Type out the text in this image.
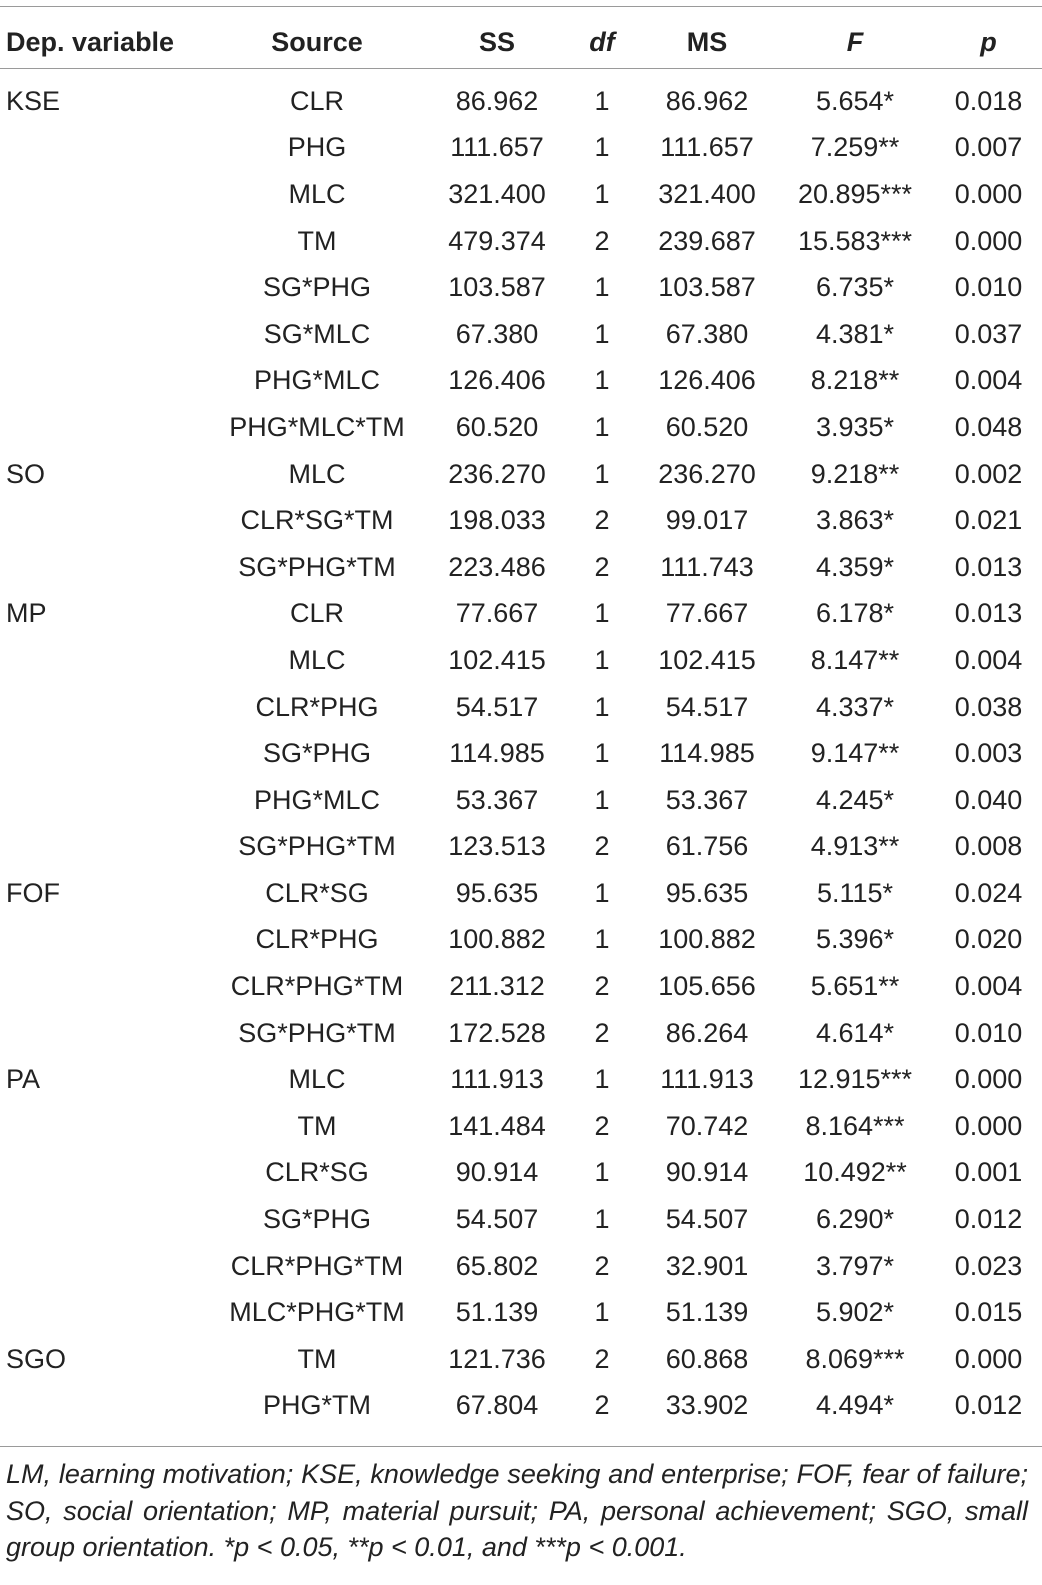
Dep. variable	Source	SS	df	MS	F	p
KSE	CLR	86.962	1	86.962	5.654*	0.018
	PHG	111.657	1	111.657	7.259**	0.007
	MLC	321.400	1	321.400	20.895***	0.000
	TM	479.374	2	239.687	15.583***	0.000
	SG*PHG	103.587	1	103.587	6.735*	0.010
	SG*MLC	67.380	1	67.380	4.381*	0.037
	PHG*MLC	126.406	1	126.406	8.218**	0.004
	PHG*MLC*TM	60.520	1	60.520	3.935*	0.048
SO	MLC	236.270	1	236.270	9.218**	0.002
	CLR*SG*TM	198.033	2	99.017	3.863*	0.021
	SG*PHG*TM	223.486	2	111.743	4.359*	0.013
MP	CLR	77.667	1	77.667	6.178*	0.013
	MLC	102.415	1	102.415	8.147**	0.004
	CLR*PHG	54.517	1	54.517	4.337*	0.038
	SG*PHG	114.985	1	114.985	9.147**	0.003
	PHG*MLC	53.367	1	53.367	4.245*	0.040
	SG*PHG*TM	123.513	2	61.756	4.913**	0.008
FOF	CLR*SG	95.635	1	95.635	5.115*	0.024
	CLR*PHG	100.882	1	100.882	5.396*	0.020
	CLR*PHG*TM	211.312	2	105.656	5.651**	0.004
	SG*PHG*TM	172.528	2	86.264	4.614*	0.010
PA	MLC	111.913	1	111.913	12.915***	0.000
	TM	141.484	2	70.742	8.164***	0.000
	CLR*SG	90.914	1	90.914	10.492**	0.001
	SG*PHG	54.507	1	54.507	6.290*	0.012
	CLR*PHG*TM	65.802	2	32.901	3.797*	0.023
	MLC*PHG*TM	51.139	1	51.139	5.902*	0.015
SGO	TM	121.736	2	60.868	8.069***	0.000
	PHG*TM	67.804	2	33.902	4.494*	0.012
LM, learning motivation; KSE, knowledge seeking and enterprise; FOF, fear of failure; SO, social orientation; MP, material pursuit; PA, personal achievement; SGO, small group orientation. *p < 0.05, **p < 0.01, and ***p < 0.001.
